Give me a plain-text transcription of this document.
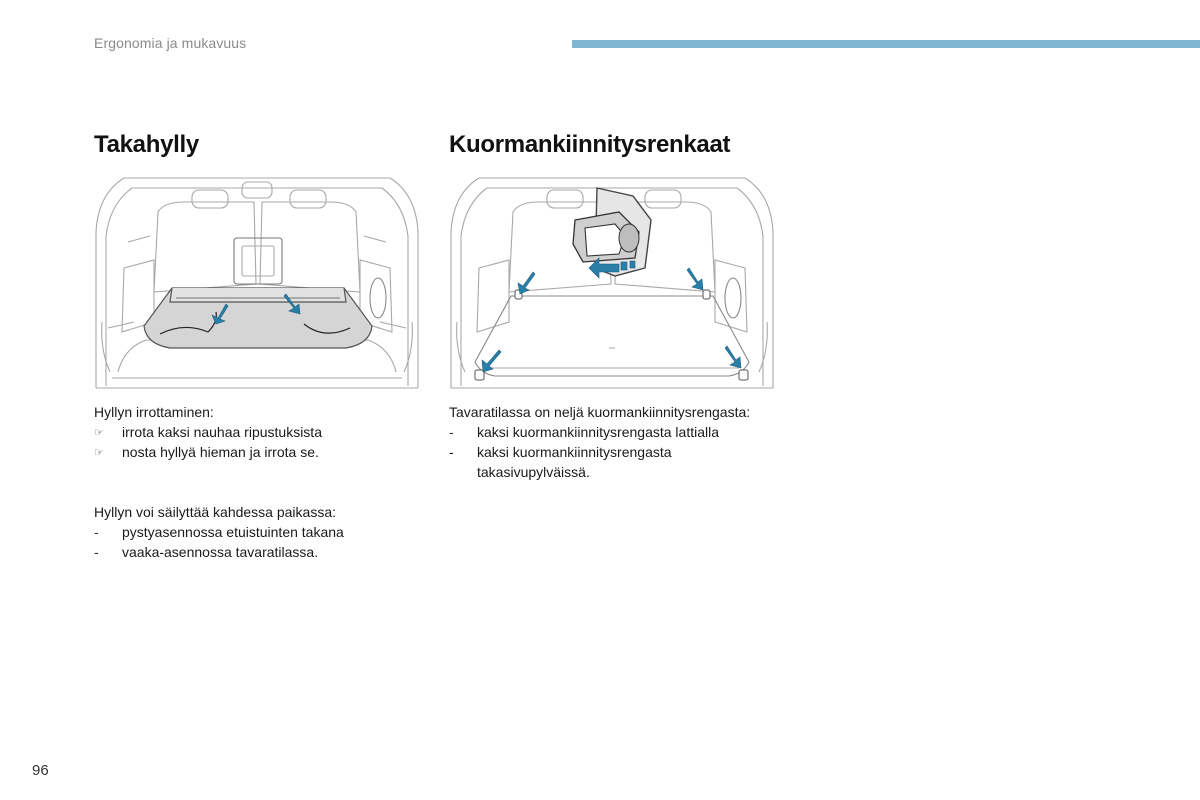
Ergonomia ja mukavuus
Takahylly
Hyllyn irrottaminen:
☞	irrota kaksi nauhaa ripustuksista
☞	nosta hyllyä hieman ja irrota se.
Hyllyn voi säilyttää kahdessa paikassa:
-	pystyasennossa etuistuinten takana
-	vaaka-asennossa tavaratilassa.
Kuormankiinnitysrenkaat
Tavaratilassa on neljä kuormankiinnitysrengasta:
-	kaksi kuormankiinnitysrengasta lattialla
-	kaksi kuormankiinnitysrengasta takasivupylväissä.
96
